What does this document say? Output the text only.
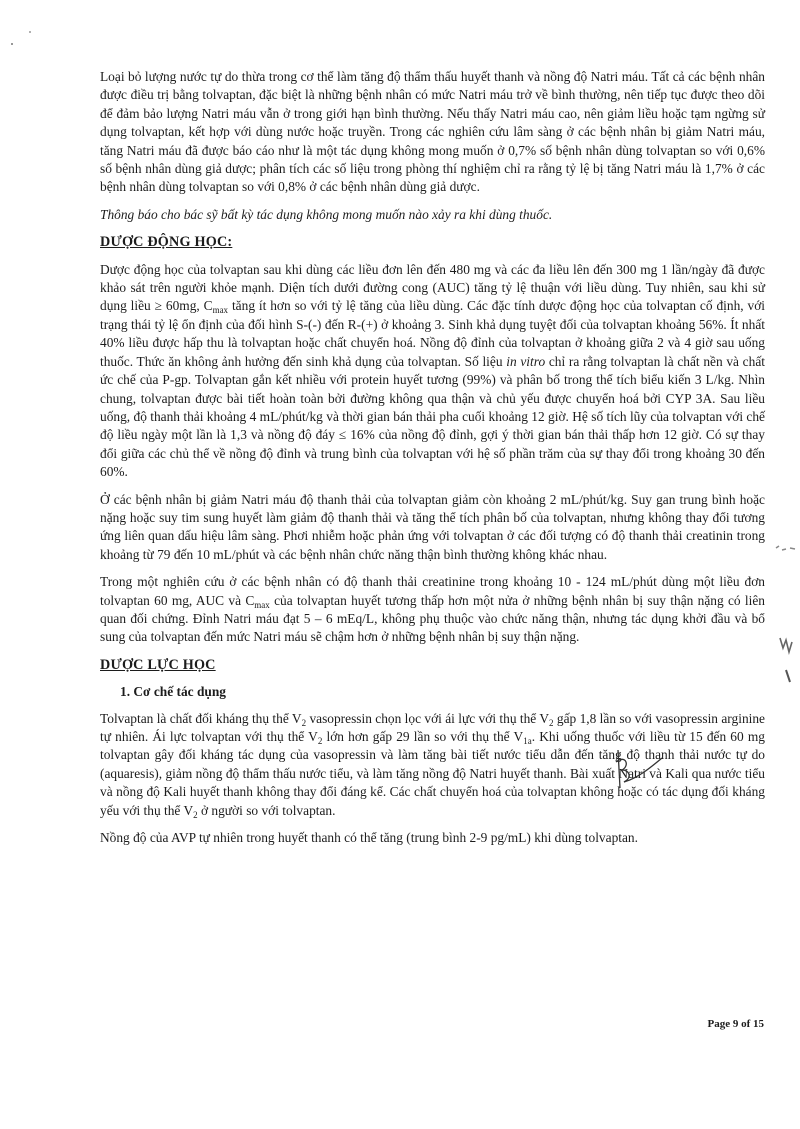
Loại bỏ lượng nước tự do thừa trong cơ thể làm tăng độ thẩm thấu huyết thanh và nồng độ Natri máu. Tất cả các bệnh nhân được điều trị bằng tolvaptan, đặc biệt là những bệnh nhân có mức Natri máu trở về bình thường, nên tiếp tục được theo dõi để đảm bảo lượng Natri máu vẫn ở trong giới hạn bình thường. Nếu thấy Natri máu cao, nên giảm liều hoặc tạm ngừng sử dụng tolvaptan, kết hợp với dùng nước hoặc truyền. Trong các nghiên cứu lâm sàng ở các bệnh nhân bị giảm Natri máu, tăng Natri máu đã được báo cáo như là một tác dụng không mong muốn ở 0,7% số bệnh nhân dùng tolvaptan so với 0,6% số bệnh nhân dùng giả dược; phân tích các số liệu trong phòng thí nghiệm chỉ ra rằng tỷ lệ bị tăng Natri máu là 1,7% ở các bệnh nhân dùng tolvaptan so với 0,8% ở các bệnh nhân dùng giả dược.

Thông báo cho bác sỹ bất kỳ tác dụng không mong muốn nào xảy ra khi dùng thuốc.

DƯỢC ĐỘNG HỌC:

Dược động học của tolvaptan sau khi dùng các liều đơn lên đến 480 mg và các đa liều lên đến 300 mg 1 lần/ngày đã được khảo sát trên người khỏe mạnh. Diện tích dưới đường cong (AUC) tăng tỷ lệ thuận với liều dùng. Tuy nhiên, sau khi sử dụng liều ≥ 60mg, $C_{max}$ tăng ít hơn so với tỷ lệ tăng của liều dùng. Các đặc tính dược động học của tolvaptan cố định, với trạng thái tỷ lệ ổn định của đối hình S-(-) đến R-(+) ở khoảng 3. Sinh khả dụng tuyệt đối của tolvaptan khoảng 56%. Ít nhất 40% liều được hấp thu là tolvaptan hoặc chất chuyển hoá. Nồng độ đỉnh của tolvaptan ở khoảng giữa 2 và 4 giờ sau uống thuốc. Thức ăn không ảnh hưởng đến sinh khả dụng của tolvaptan. Số liệu in vitro chỉ ra rằng tolvaptan là chất nền và chất ức chế của P-gp. Tolvaptan gắn kết nhiều với protein huyết tương (99%) và phân bố trong thể tích biểu kiến 3 L/kg. Nhìn chung, tolvaptan được bài tiết hoàn toàn bởi đường không qua thận và chủ yếu được chuyển hoá bởi CYP 3A. Sau liều uống, độ thanh thải khoảng 4 mL/phút/kg và thời gian bán thải pha cuối khoảng 12 giờ. Hệ số tích lũy của tolvaptan với chế độ liều ngày một lần là 1,3 và nồng độ đáy ≤ 16% của nồng độ đỉnh, gợi ý thời gian bán thải thấp hơn 12 giờ. Có sự thay đổi giữa các chủ thể về nồng độ đỉnh và trung bình của tolvaptan với hệ số phần trăm của sự thay đổi trong khoảng 30 đến 60%.

Ở các bệnh nhân bị giảm Natri máu độ thanh thải của tolvaptan giảm còn khoảng 2 mL/phút/kg. Suy gan trung bình hoặc nặng hoặc suy tim sung huyết làm giảm độ thanh thải và tăng thể tích phân bố của tolvaptan, nhưng không thay đổi tương ứng liên quan dấu hiệu lâm sàng. Phơi nhiễm hoặc phản ứng với tolvaptan ở các đối tượng có độ thanh thải creatinin trong khoảng từ 79 đến 10 mL/phút và các bệnh nhân chức năng thận bình thường không khác nhau.

Trong một nghiên cứu ở các bệnh nhân có độ thanh thải creatinine trong khoảng 10 - 124 mL/phút dùng một liều đơn tolvaptan 60 mg, AUC và $C_{max}$ của tolvaptan huyết tương thấp hơn một nửa ở những bệnh nhân bị suy thận nặng có liên quan đối chứng. Đỉnh Natri máu đạt 5 – 6 mEq/L, không phụ thuộc vào chức năng thận, nhưng tác dụng khởi đầu và bổ sung của tolvaptan đến mức Natri máu sẽ chậm hơn ở những bệnh nhân bị suy thận nặng.

DƯỢC LỰC HỌC
1. Cơ chế tác dụng

Tolvaptan là chất đối kháng thụ thể $V_2$ vasopressin chọn lọc với ái lực với thụ thể $V_2$ gấp 1,8 lần so với vasopressin arginine tự nhiên. Ái lực tolvaptan với thụ thể $V_2$ lớn hơn gấp 29 lần so với thụ thể $V_{1a}$. Khi uống thuốc với liều từ 15 đến 60 mg tolvaptan gây đối kháng tác dụng của vasopressin và làm tăng bài tiết nước tiểu dẫn đến tăng độ thanh thải nước tự do (aquaresis), giảm nồng độ thẩm thấu nước tiểu, và làm tăng nồng độ Natri huyết thanh. Bài xuất Natri và Kali qua nước tiểu và nồng độ Kali huyết thanh không thay đổi đáng kể. Các chất chuyển hoá của tolvaptan không hoặc có tác dụng đối kháng yếu với thụ thể $V_2$ ở người so với tolvaptan.

Nồng độ của AVP tự nhiên trong huyết thanh có thể tăng (trung bình 2-9 pg/mL) khi dùng tolvaptan.

Page 9 of 15
